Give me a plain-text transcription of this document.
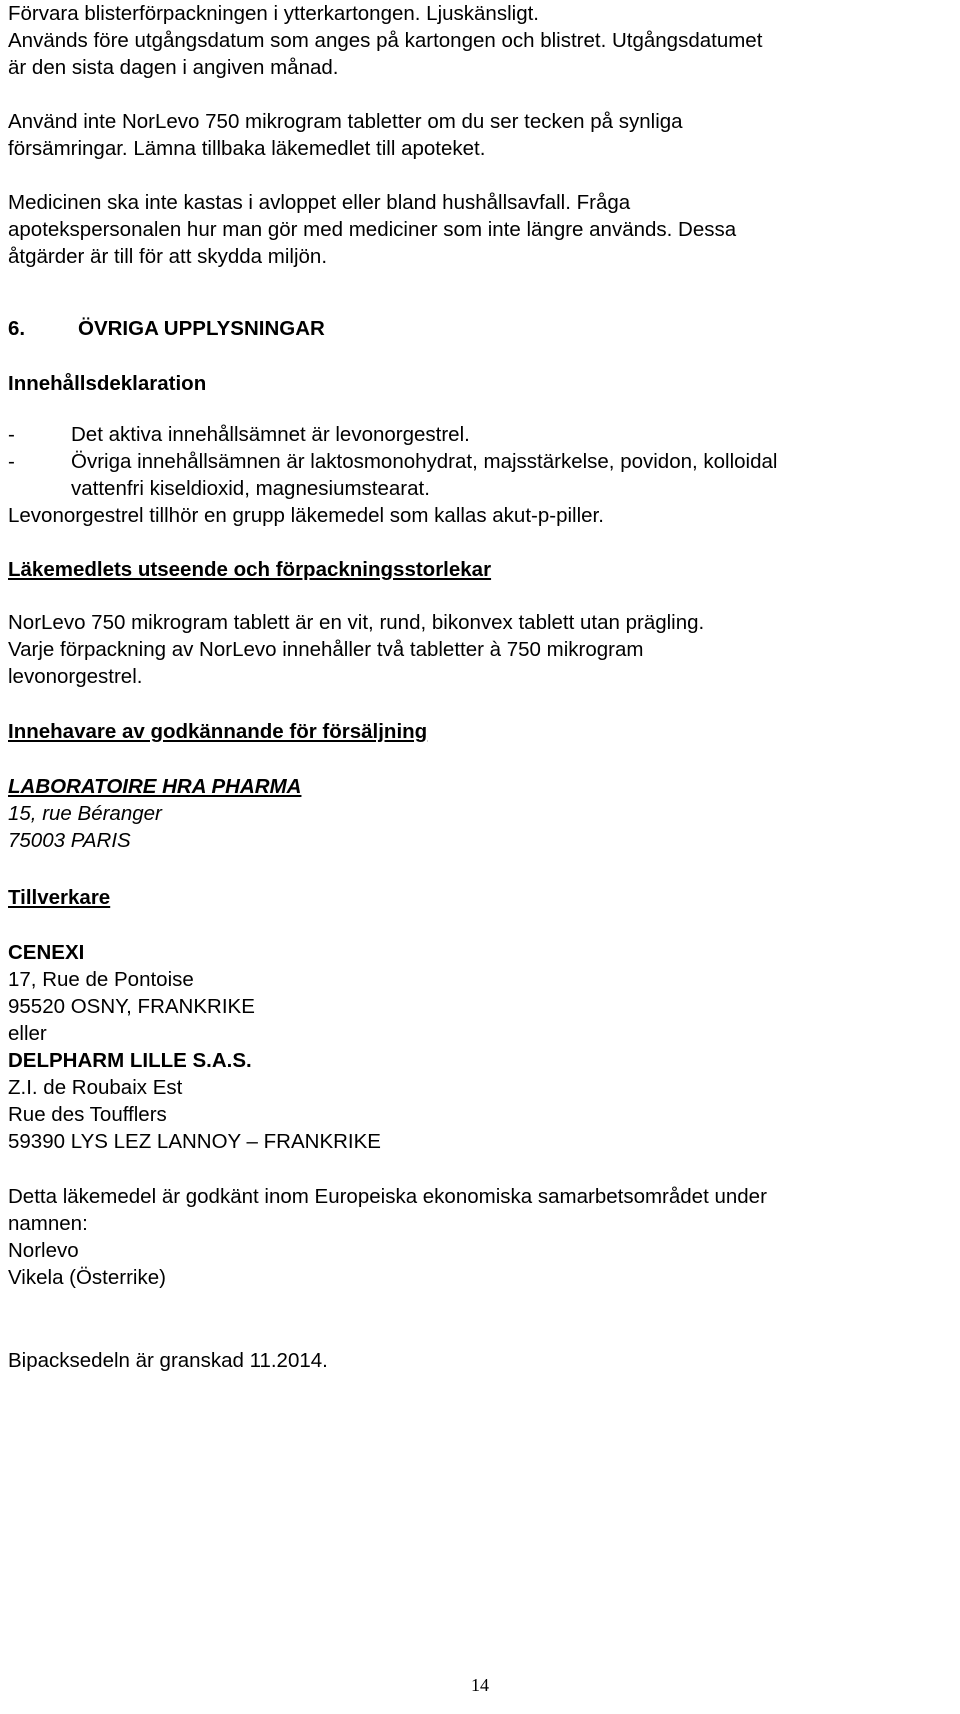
Förvara blisterförpackningen i ytterkartongen. Ljuskänsligt.
Används före utgångsdatum som anges på kartongen och blistret. Utgångsdatumet
är den sista dagen i angiven månad.
Använd inte NorLevo 750 mikrogram tabletter om du ser tecken på synliga
försämringar. Lämna tillbaka läkemedlet till apoteket.
Medicinen ska inte kastas i avloppet eller bland hushållsavfall. Fråga
apotekspersonalen hur man gör med mediciner som inte längre används. Dessa
åtgärder är till för att skydda miljön.
6.	ÖVRIGA UPPLYSNINGAR
Innehållsdeklaration
-	Det aktiva innehållsämnet är levonorgestrel.
-	Övriga innehållsämnen är laktosmonohydrat, majsstärkelse, povidon, kolloidal
vattenfri kiseldioxid, magnesiumstearat.
Levonorgestrel tillhör en grupp läkemedel som kallas akut-p-piller.
Läkemedlets utseende och förpackningsstorlekar
NorLevo 750 mikrogram tablett är en vit, rund, bikonvex tablett utan prägling.
Varje förpackning av NorLevo innehåller två tabletter à 750 mikrogram
levonorgestrel.
Innehavare av godkännande för försäljning
LABORATOIRE HRA PHARMA
15, rue Béranger
75003 PARIS
Tillverkare
CENEXI
17, Rue de Pontoise
95520 OSNY, FRANKRIKE
eller
DELPHARM LILLE S.A.S.
Z.I. de Roubaix Est
Rue des Toufflers
59390 LYS LEZ LANNOY – FRANKRIKE
Detta läkemedel är godkänt inom Europeiska ekonomiska samarbetsområdet under
namnen:
Norlevo
Vikela (Österrike)
Bipacksedeln är granskad 11.2014.
14
